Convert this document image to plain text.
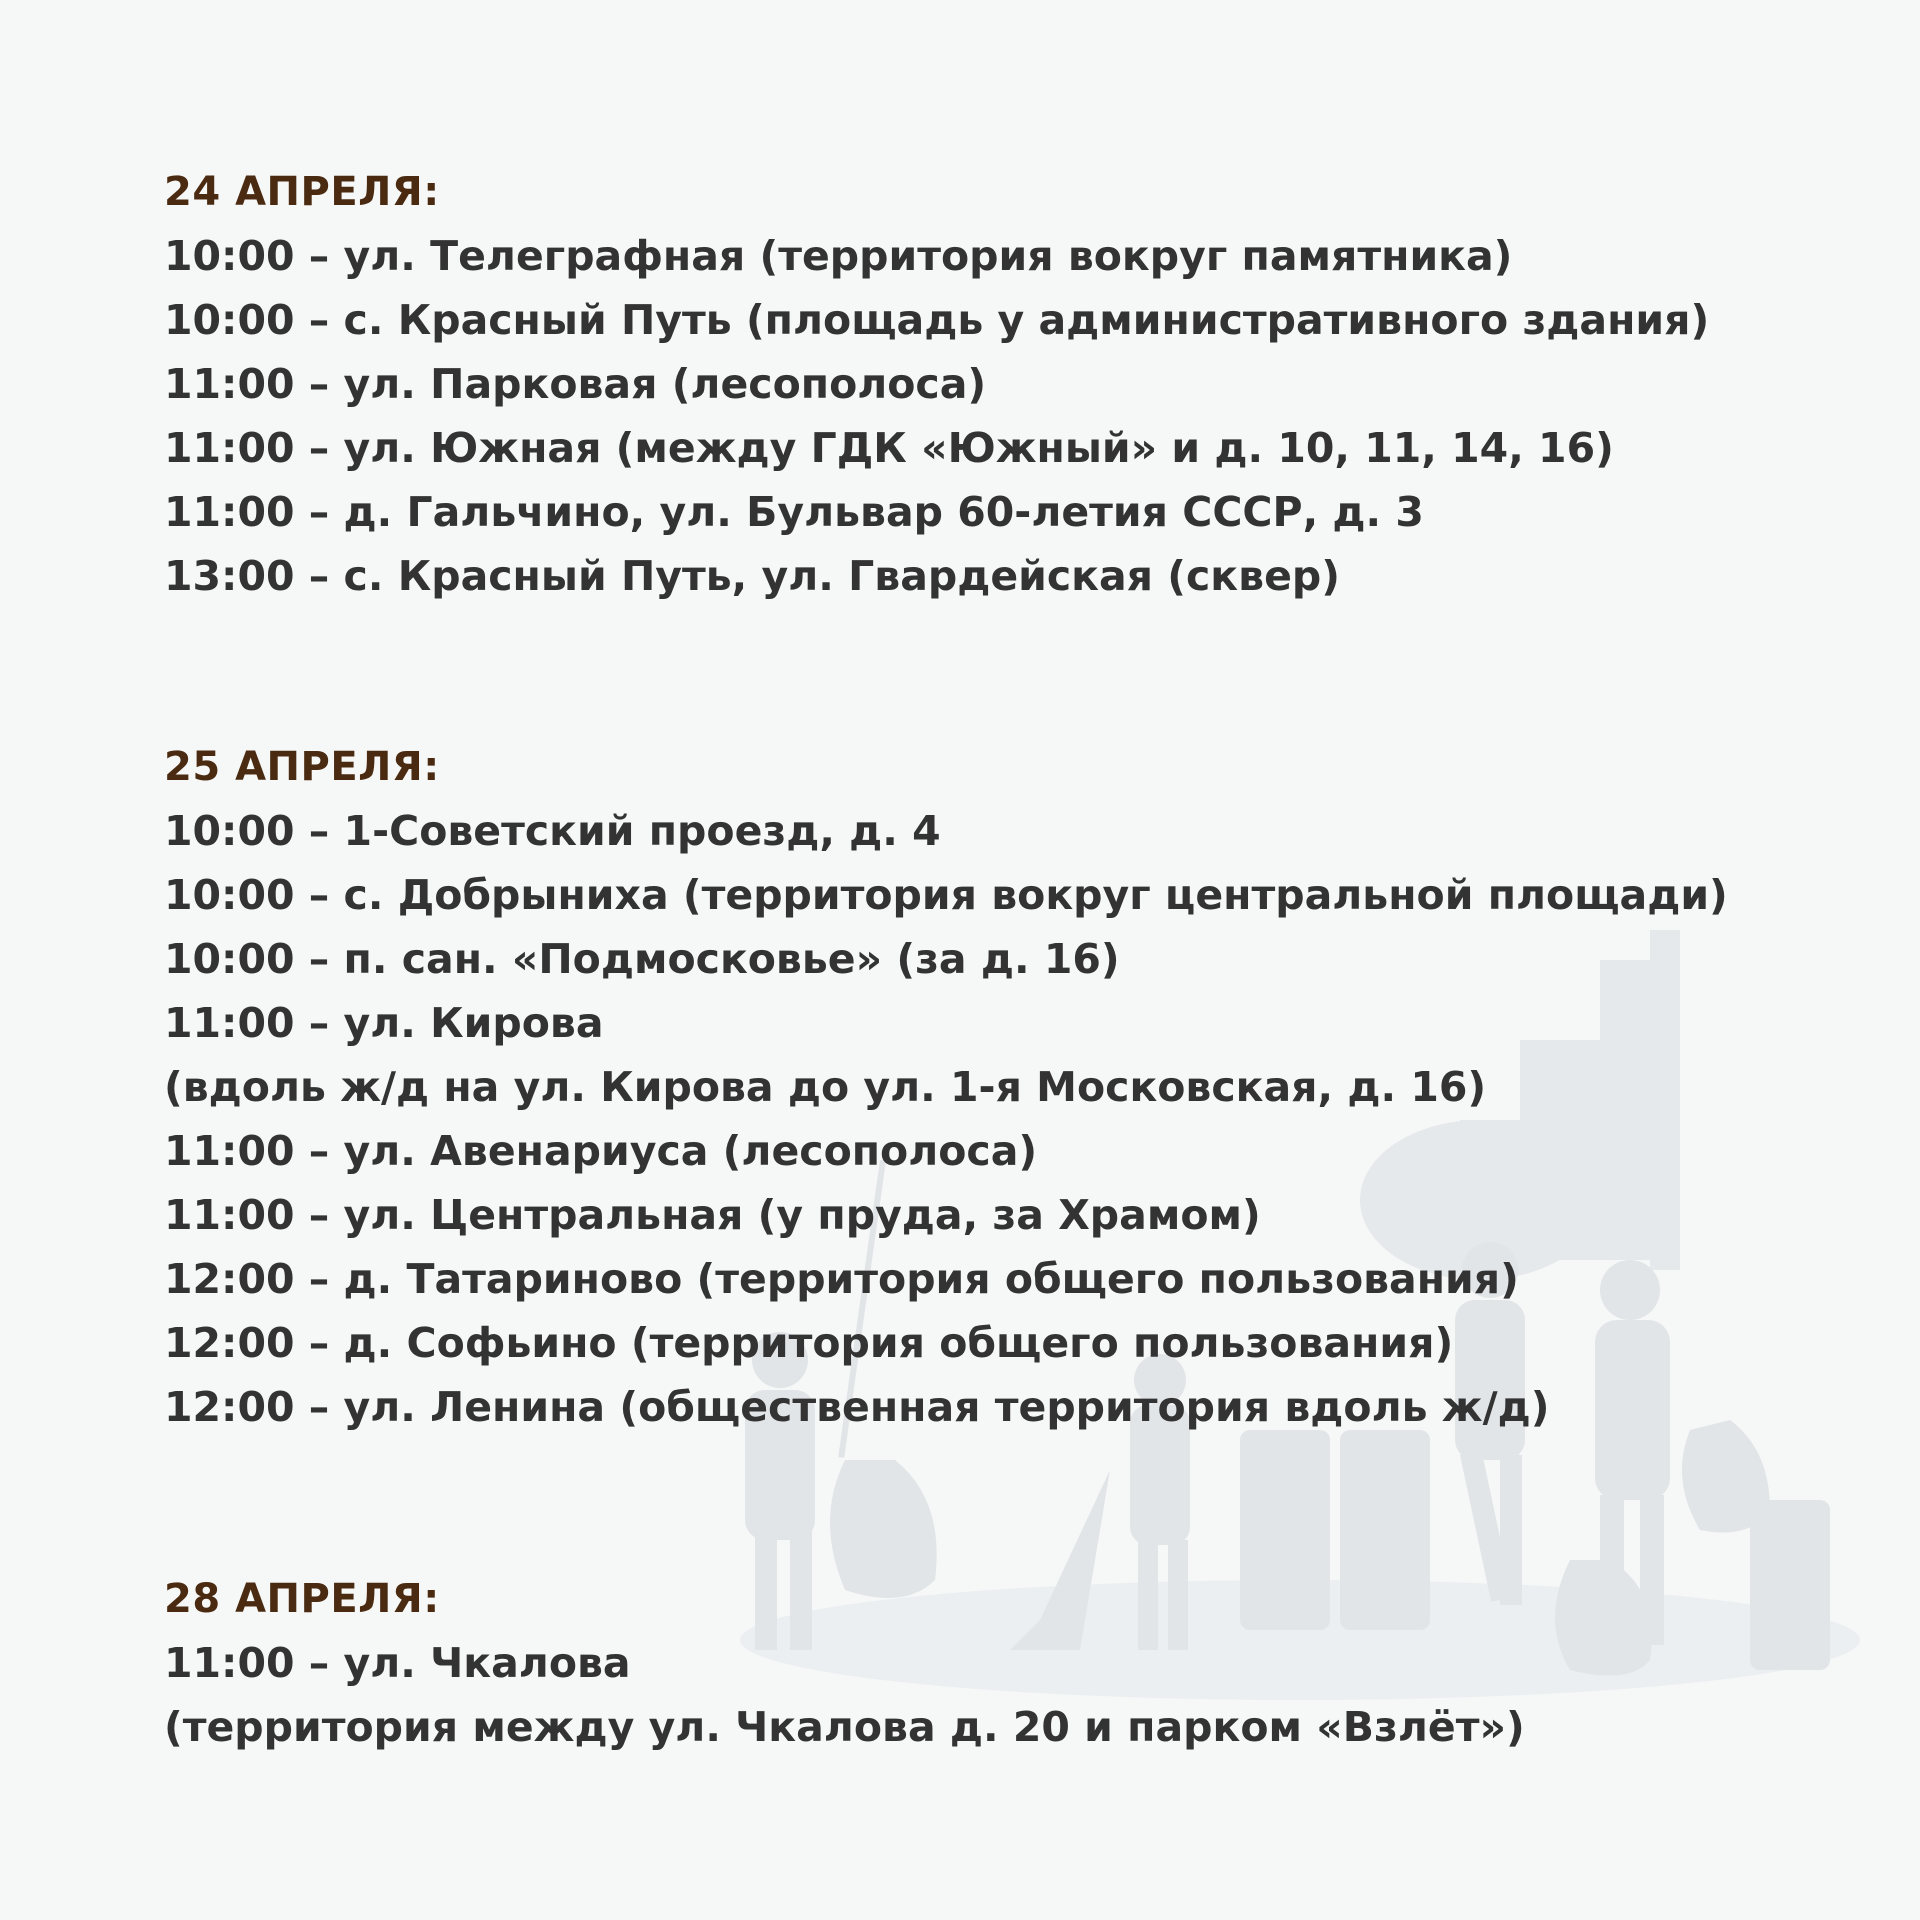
24 АПРЕЛЯ:
10:00 – ул. Телеграфная (территория вокруг памятника)
10:00 – с. Красный Путь (площадь у административного здания)
11:00 – ул. Парковая (лесополоса)
11:00 – ул. Южная (между ГДК «Южный» и д. 10, 11, 14, 16)
11:00 – д. Гальчино, ул. Бульвар 60-летия СССР, д. 3
13:00 – с. Красный Путь, ул. Гвардейская (сквер)
25 АПРЕЛЯ:
10:00 – 1-Советский проезд, д. 4
10:00 – с. Добрыниха (территория вокруг центральной площади)
10:00 – п. сан. «Подмосковье» (за д. 16)
11:00 – ул. Кирова
(вдоль ж/д на ул. Кирова до ул. 1-я Московская, д. 16)
11:00 – ул. Авенариуса (лесополоса)
11:00 – ул. Центральная (у пруда, за Храмом)
12:00 – д. Татариново (территория общего пользования)
12:00 – д. Софьино (территория общего пользования)
12:00 – ул. Ленина (общественная территория вдоль ж/д)
28 АПРЕЛЯ:
11:00 – ул. Чкалова
(территория между ул. Чкалова д. 20 и парком «Взлёт»)
